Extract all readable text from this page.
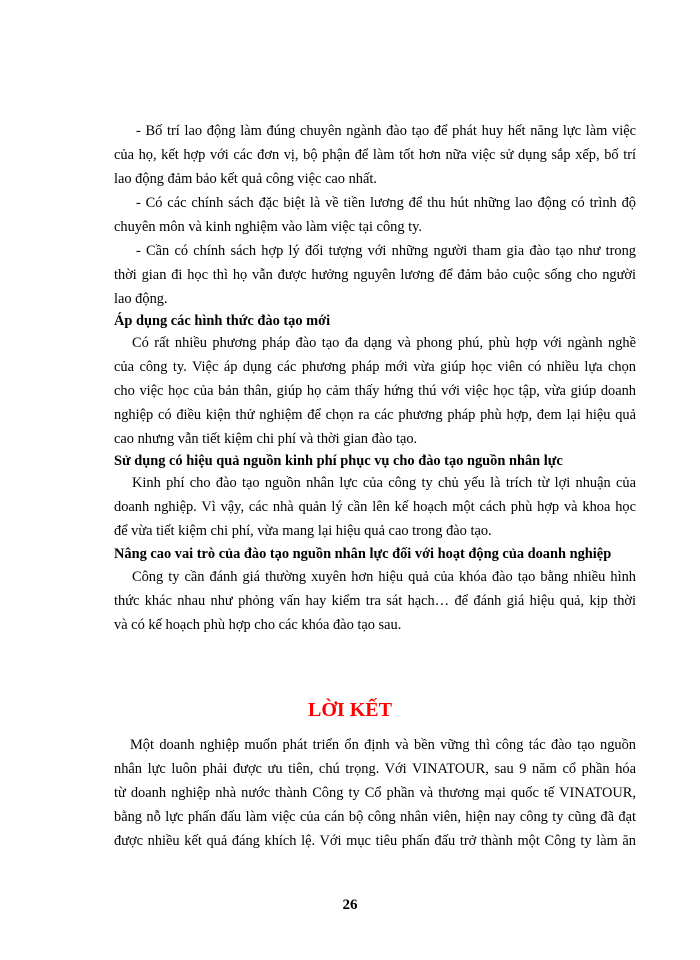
- Bố trí lao động làm đúng chuyên ngành đào tạo để phát huy hết năng lực làm việc
của họ, kết hợp với các đơn vị, bộ phận để làm tốt hơn nữa việc sử dụng sắp xếp, bố trí
lao động đảm bảo kết quả công việc cao nhất.
- Có các chính sách đặc biệt là về tiền lương để thu hút những lao động có trình độ
chuyên môn và kinh nghiệm vào làm việc tại công ty.
- Cần có chính sách hợp lý đối tượng với những người tham gia đào tạo như trong
thời gian đi học thì họ vẫn được hưởng nguyên lương để đảm bảo cuộc sống cho người
lao động.
Áp dụng các hình thức đào tạo mới
Có rất nhiều phương pháp đào tạo đa dạng và phong phú, phù hợp với ngành nghề
của công ty. Việc áp dụng các phương pháp mới vừa giúp học viên có nhiều lựa chọn
cho việc học của bản thân, giúp họ cảm thấy hứng thú với việc học tập, vừa giúp doanh
nghiệp có điều kiện thử nghiệm để chọn ra các phương pháp phù hợp, đem lại hiệu quả
cao nhưng vẫn tiết kiệm chi phí và thời gian đào tạo.
Sử dụng có hiệu quả nguồn kinh phí phục vụ cho đào tạo nguồn nhân lực
Kinh phí cho đào tạo nguồn nhân lực của công ty chủ yếu là trích từ lợi nhuận của
doanh nghiệp. Vì vậy, các nhà quản lý cần lên kế hoạch một cách phù hợp và khoa học
để vừa tiết kiệm chi phí, vừa mang lại hiệu quả cao trong đào tạo.
Nâng cao vai trò của đào tạo nguồn nhân lực đối với hoạt động của doanh nghiệp
Công ty cần đánh giá thường xuyên hơn hiệu quả của khóa đào tạo bằng nhiều hình
thức khác nhau như phỏng vấn hay kiểm tra sát hạch… để đánh giá hiệu quả, kịp thời
và có kế hoạch phù hợp cho các khóa đào tạo sau.
LỜI KẾT
Một doanh nghiệp muốn phát triển ổn định và bền vững thì công tác đào tạo nguồn
nhân lực luôn phải được ưu tiên, chú trọng. Với VINATOUR, sau 9 năm cổ phần hóa
từ doanh nghiệp nhà nước thành Công ty Cổ phần và thương mại quốc tế VINATOUR,
bằng nỗ lực phấn đấu làm việc của cán bộ công nhân viên, hiện nay công ty cũng đã đạt
được nhiều kết quả đáng khích lệ. Với mục tiêu phấn đấu trở thành một Công ty làm ăn
26
